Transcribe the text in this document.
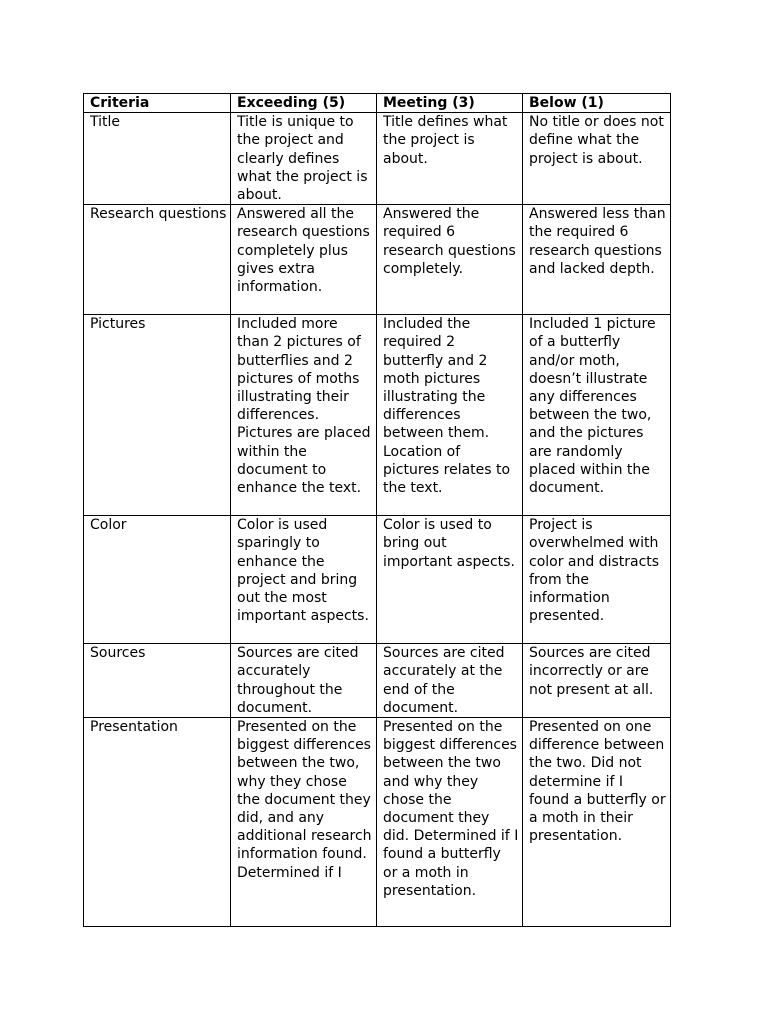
Criteria	Exceeding (5)	Meeting (3)	Below (1)

Title	Title is unique to the project and clearly defines what the project is about.	Title defines what the project is about.	No title or does not define what the project is about.

Research questions	Answered all the research questions completely plus gives extra information.	Answered the required 6 research questions completely.	Answered less than the required 6 research questions and lacked depth.

Pictures	Included more than 2 pictures of butterflies and 2 pictures of moths illustrating their differences. Pictures are placed within the document to enhance the text.	Included the required 2 butterfly and 2 moth pictures illustrating the differences between them. Location of pictures relates to the text.	Included 1 picture of a butterfly and/or moth, doesn’t illustrate any differences between the two, and the pictures are randomly placed within the document.

Color	Color is used sparingly to enhance the project and bring out the most important aspects.	Color is used to bring out important aspects.	Project is overwhelmed with color and distracts from the information presented.

Sources	Sources are cited accurately throughout the document.	Sources are cited accurately at the end of the document.	Sources are cited incorrectly or are not present at all.

Presentation	Presented on the biggest differences between the two, why they chose the document they did, and any additional research information found. Determined if I	Presented on the biggest differences between the two and why they chose the document they did. Determined if I found a butterfly or a moth in presentation.	Presented on one difference between the two. Did not determine if I found a butterfly or a moth in their presentation.
